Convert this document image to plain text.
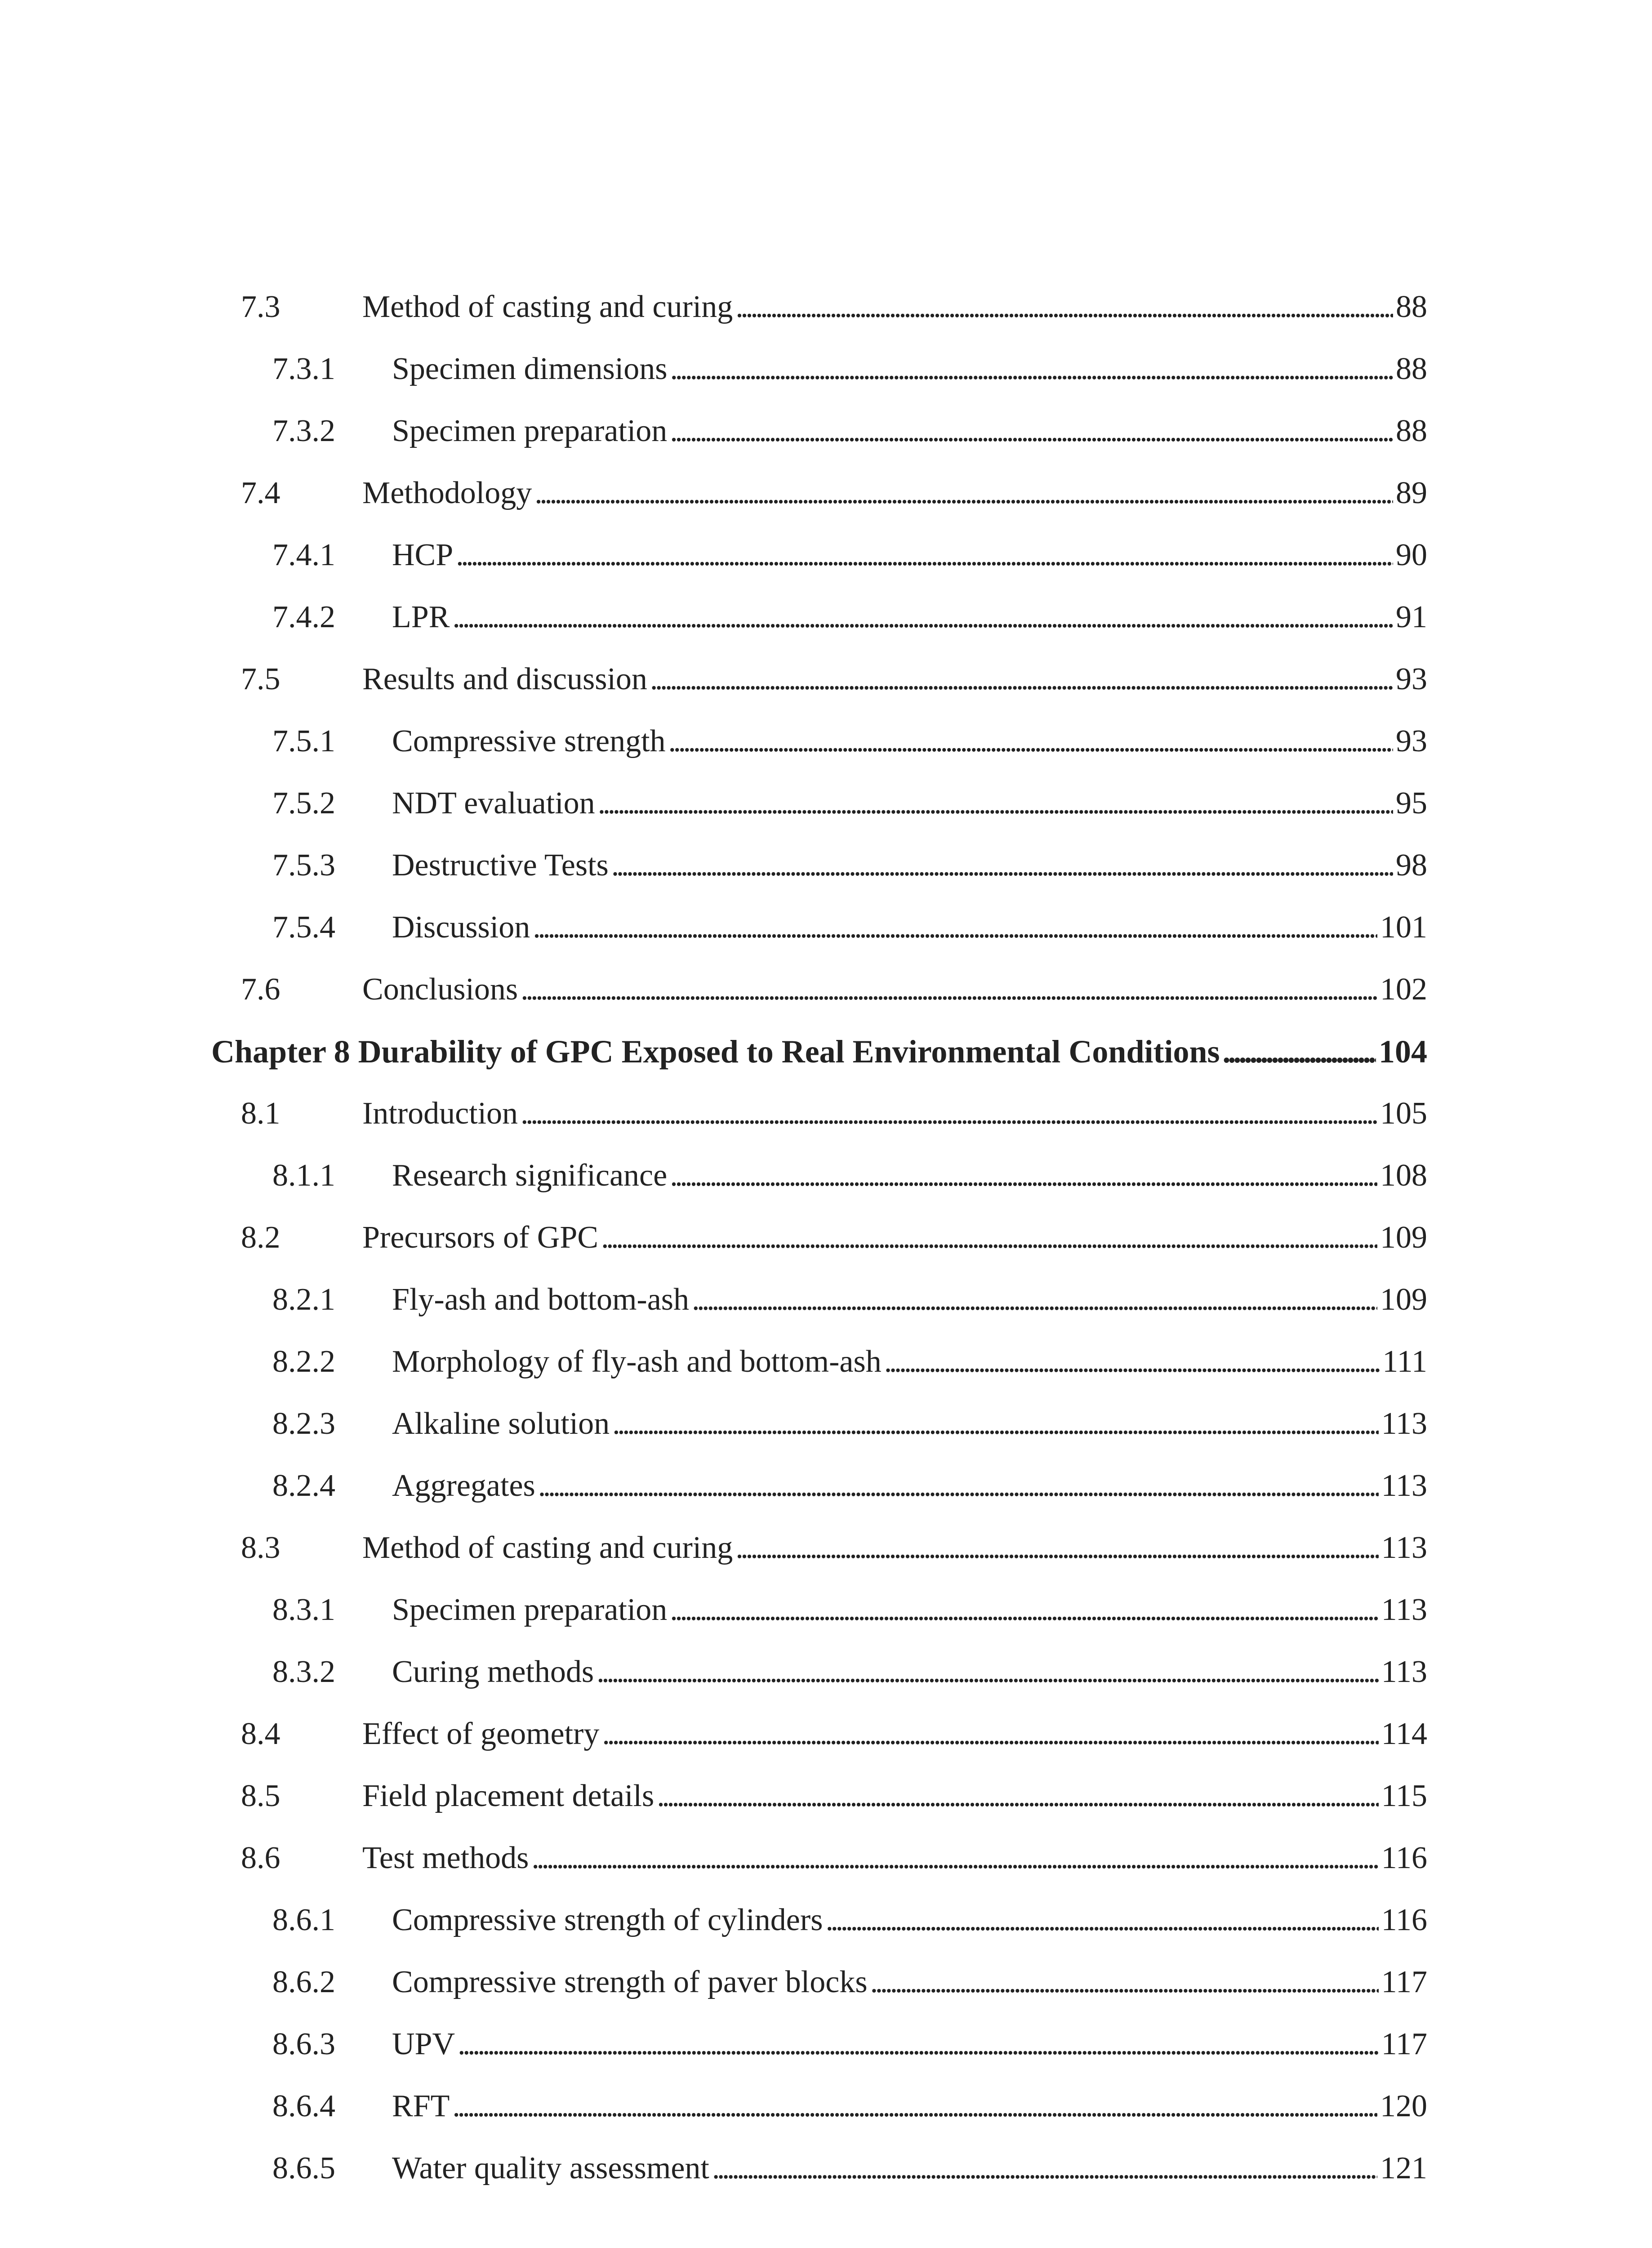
7.3	Method of casting and curing . . .	88
7.3.1 Specimen dimensions . . .	88
7.3.2 Specimen preparation . . .	88
7.4	Methodology . . .	89
7.4.1 HCP . . .	90
7.4.2 LPR . . .	91
7.5	Results and discussion . . .	93
7.5.1 Compressive strength . . .	93
7.5.2 NDT evaluation . . .	95
7.5.3 Destructive Tests . . .	98
7.5.4 Discussion . . .	101
7.6	Conclusions . . .	102
Chapter 8 Durability of GPC Exposed to Real Environmental Conditions . . .	104
8.1	Introduction . . .	105
8.1.1 Research significance . . .	108
8.2	Precursors of GPC . . .	109
8.2.1 Fly-ash and bottom-ash . . .	109
8.2.2 Morphology of fly-ash and bottom-ash . . .	111
8.2.3 Alkaline solution . . .	113
8.2.4 Aggregates . . .	113
8.3	Method of casting and curing . . .	113
8.3.1 Specimen preparation . . .	113
8.3.2 Curing methods . . .	113
8.4	Effect of geometry . . .	114
8.5	Field placement details . . .	115
8.6	Test methods . . .	116
8.6.1 Compressive strength of cylinders . . .	116
8.6.2 Compressive strength of paver blocks . . .	117
8.6.3 UPV . . .	117
8.6.4 RFT . . .	120
8.6.5 Water quality assessment . . .	121
